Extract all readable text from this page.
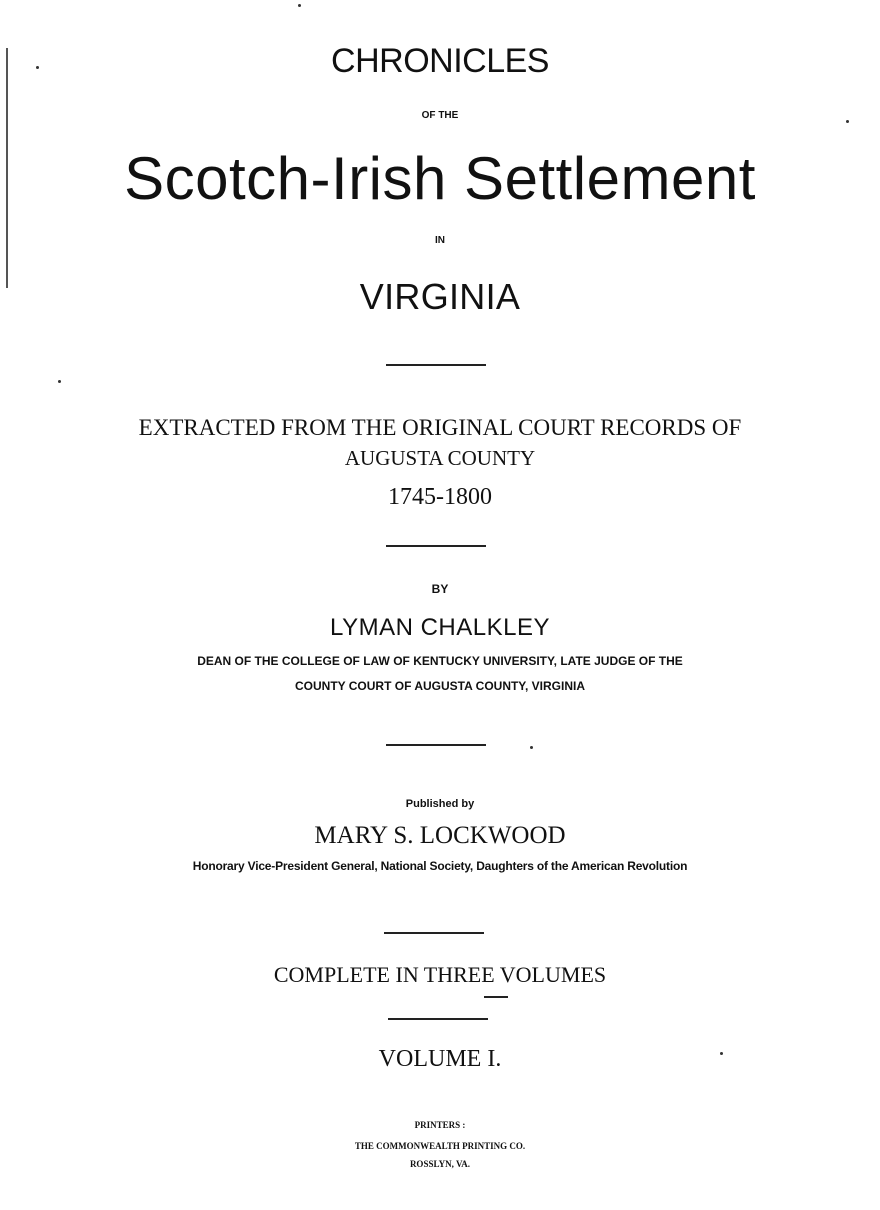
CHRONICLES
OF THE
Scotch-Irish Settlement
IN
VIRGINIA
EXTRACTED FROM THE ORIGINAL COURT RECORDS OF
AUGUSTA COUNTY
1745-1800
BY
LYMAN CHALKLEY
DEAN OF THE COLLEGE OF LAW OF KENTUCKY UNIVERSITY, LATE JUDGE OF THE
COUNTY COURT OF AUGUSTA COUNTY, VIRGINIA
Published by
MARY S. LOCKWOOD
Honorary Vice-President General, National Society, Daughters of the American Revolution
COMPLETE IN THREE VOLUMES
VOLUME I.
PRINTERS :
THE COMMONWEALTH PRINTING CO.
ROSSLYN, VA.
